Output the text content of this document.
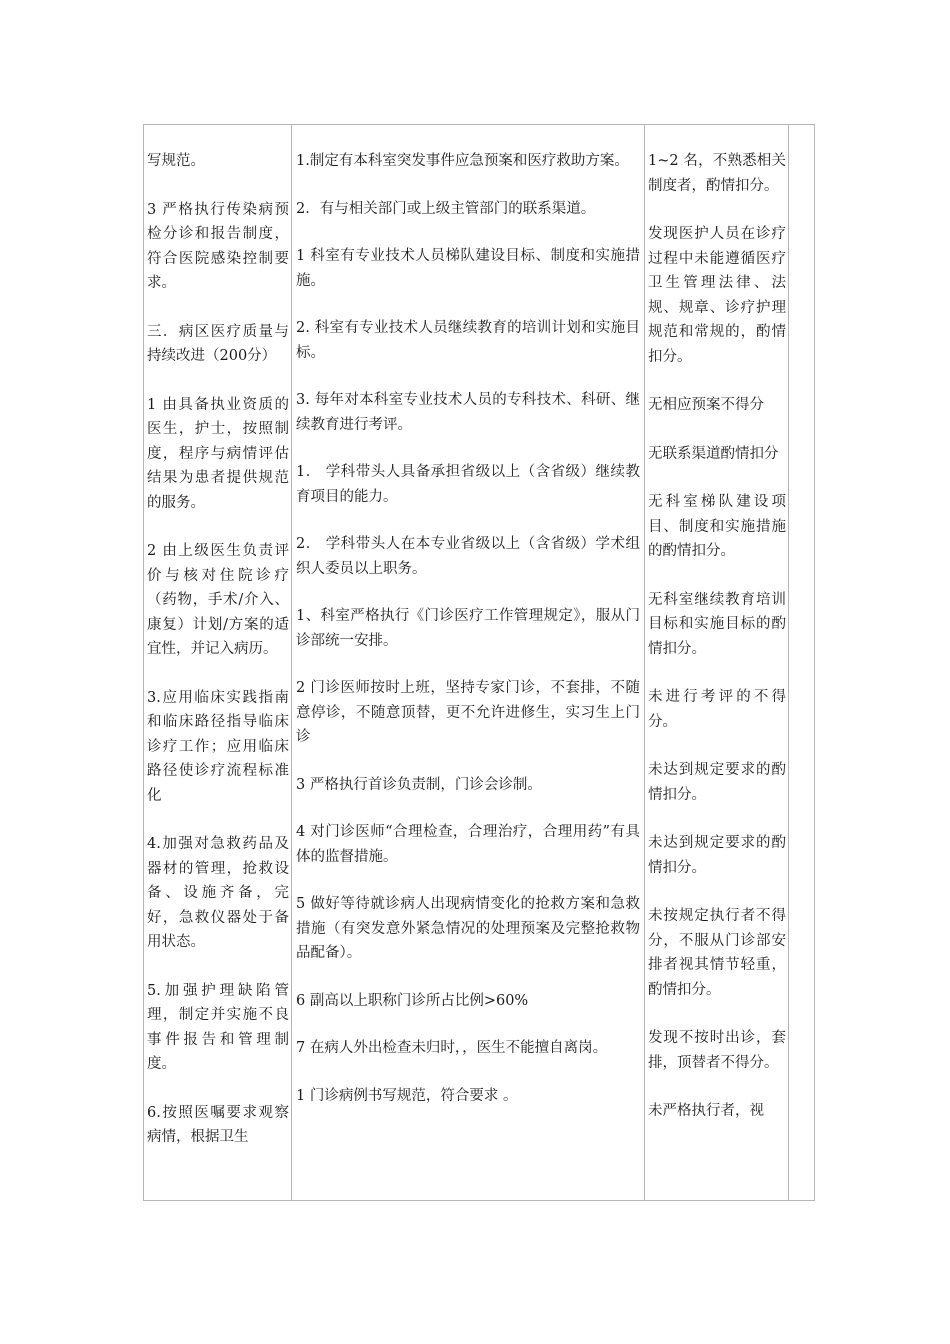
写规范。

3 严格执行传染病预检分诊和报告制度，符合医院感染控制要求。

三．病区医疗质量与持续改进（200分）

1 由具备执业资质的医生，护士，按照制度，程序与病情评估结果为患者提供规范的服务。

2 由上级医生负责评价与核对住院诊疗（药物，手术/介入、康复）计划/方案的适宜性，并记入病历。

3.应用临床实践指南和临床路径指导临床诊疗工作；应用临床路径使诊疗流程标准化

4.加强对急救药品及器材的管理，抢救设备、设施齐备，完好，急救仪器处于备用状态。

5.加强护理缺陷管理，制定并实施不良事件报告和管理制度。

6.按照医嘱要求观察病情，根据卫生

1.制定有本科室突发事件应急预案和医疗救助方案。

2．有与相关部门或上级主管部门的联系渠道。

1 科室有专业技术人员梯队建设目标、制度和实施措施。

2. 科室有专业技术人员继续教育的培训计划和实施目标。

3. 每年对本科室专业技术人员的专科技术、科研、继续教育进行考评。

1． 学科带头人具备承担省级以上（含省级）继续教育项目的能力。

2． 学科带头人在本专业省级以上（含省级）学术组织人委员以上职务。

1、科室严格执行《门诊医疗工作管理规定》，服从门诊部统一安排。

2 门诊医师按时上班，坚持专家门诊，不套排，不随意停诊，不随意顶替，更不允许进修生，实习生上门诊

3 严格执行首诊负责制，门诊会诊制。

4 对门诊医师“合理检查，合理治疗，合理用药”有具体的监督措施。

5 做好等待就诊病人出现病情变化的抢救方案和急救措施（有突发意外紧急情况的处理预案及完整抢救物品配备）。

6 副高以上职称门诊所占比例>60%

7 在病人外出检查未归时，，医生不能擅自离岗。

1 门诊病例书写规范，符合要求 。

1~2 名，不熟悉相关制度者，酌情扣分。

发现医护人员在诊疗过程中未能遵循医疗卫生管理法律、法规、规章、诊疗护理规范和常规的，酌情扣分。

无相应预案不得分

无联系渠道酌情扣分

无科室梯队建设项目、制度和实施措施的酌情扣分。

无科室继续教育培训目标和实施目标的酌情扣分。

未进行考评的不得分。

未达到规定要求的酌情扣分。

未达到规定要求的酌情扣分。

未按规定执行者不得分，不服从门诊部安排者视其情节轻重，酌情扣分。

发现不按时出诊，套排，顶替者不得分。

未严格执行者，视
